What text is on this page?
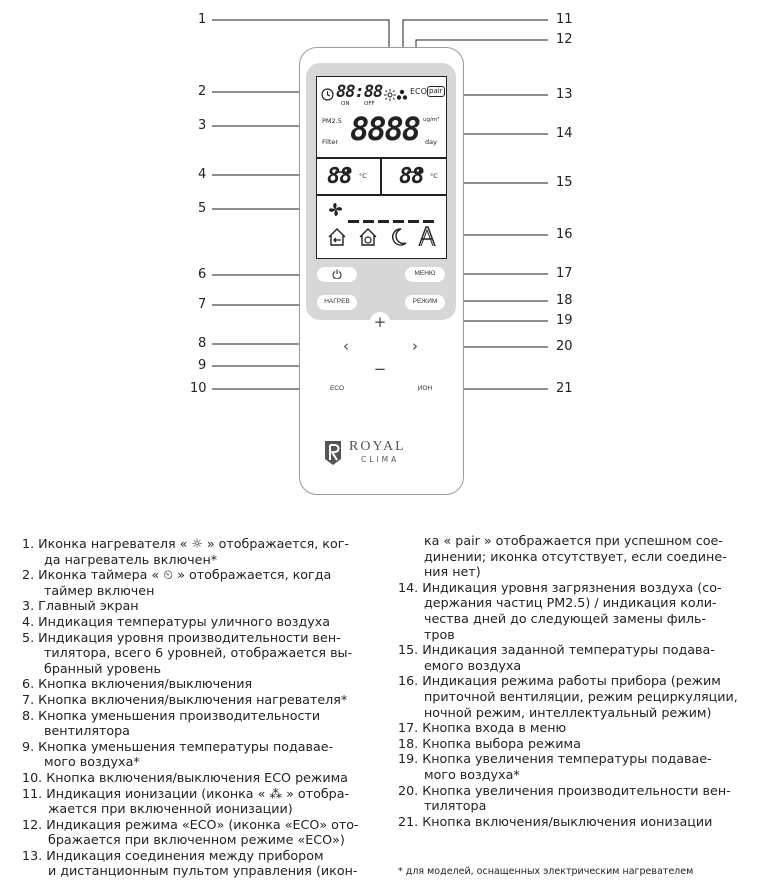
1
2
3
4
5
6
7
8
9
10
11
12
13
14
15
16
17
18
19
20
21
88:88
ON	OFF
ECO pair
PM2.5
Filter 8888 ug/m³
day
88 °C 88 °C
МЕНЮ
НАГРЕВ	РЕЖИМ
+
‹	›
−
ECO	ИОН
ROYAL
CLIMA
1. Иконка нагревателя « ☼ » отображается, ког-
да нагреватель включен*
2. Иконка таймера « ⏲ » отображается, когда
таймер включен
3. Главный экран
4. Индикация температуры уличного воздуха
5. Индикация уровня производительности вен-
тилятора, всего 6 уровней, отображается вы-
бранный уровень
6. Кнопка включения/выключения
7. Кнопка включения/выключения нагревателя*
8. Кнопка уменьшения производительности
вентилятора
9. Кнопка уменьшения температуры подавае-
мого воздуха*
10. Кнопка включения/выключения ECO режима
11. Индикация ионизации (иконка « ⁂ » отобра-
жается при включенной ионизации)
12. Индикация режима «ECO» (иконка «ECO» ото-
бражается при включенном режиме «ECO»)
13. Индикация соединения между прибором
и дистанционным пультом управления (икон-
ка « pair » отображается при успешном сое-
динении; иконка отсутствует, если соедине-
ния нет)
14. Индикация уровня загрязнения воздуха (со-
держания частиц PM2.5) / индикация коли-
чества дней до следующей замены филь-
тров
15. Индикация заданной температуры подава-
емого воздуха
16. Индикация режима работы прибора (режим
приточной вентиляции, режим рециркуляции,
ночной режим, интеллектуальный режим)
17. Кнопка входа в меню
18. Кнопка выбора режима
19. Кнопка увеличения температуры подавае-
мого воздуха*
20. Кнопка увеличения производительности вен-
тилятора
21. Кнопка включения/выключения ионизации
* для моделей, оснащенных электрическим нагревателем
